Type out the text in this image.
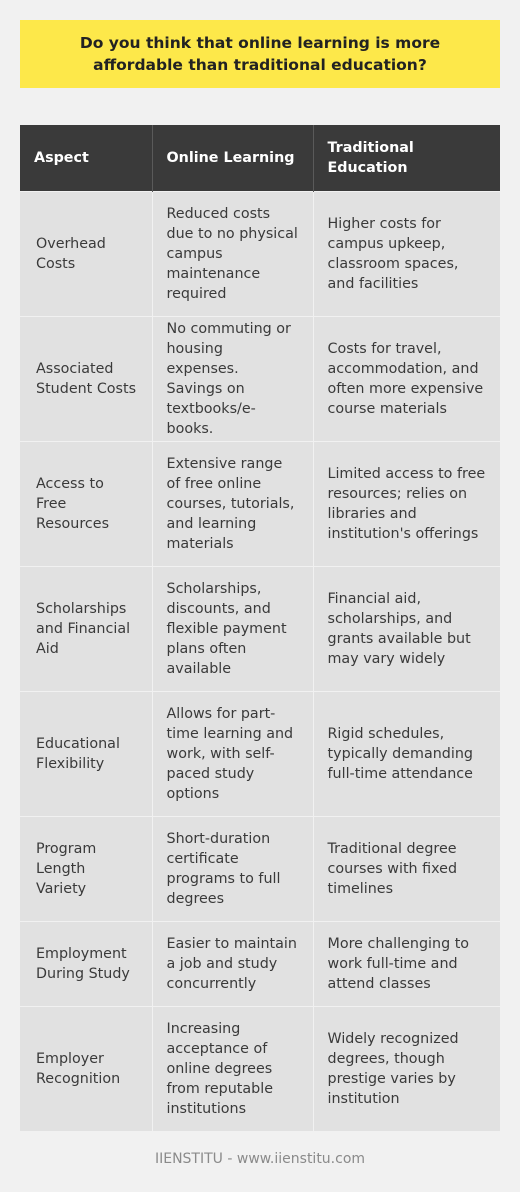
Do you think that online learning is more affordable than traditional education?
Aspect	Online Learning	Traditional Education
Overhead Costs	Reduced costs due to no physical campus maintenance required	Higher costs for campus upkeep, classroom spaces, and facilities
Associated Student Costs	No commuting or housing expenses. Savings on textbooks/e-books.	Costs for travel, accommodation, and often more expensive course materials
Access to Free Resources	Extensive range of free online courses, tutorials, and learning materials	Limited access to free resources; relies on libraries and institution's offerings
Scholarships and Financial Aid	Scholarships, discounts, and flexible payment plans often available	Financial aid, scholarships, and grants available but may vary widely
Educational Flexibility	Allows for part-time learning and work, with self-paced study options	Rigid schedules, typically demanding full-time attendance
Program Length Variety	Short-duration certificate programs to full degrees	Traditional degree courses with fixed timelines
Employment During Study	Easier to maintain a job and study concurrently	More challenging to work full-time and attend classes
Employer Recognition	Increasing acceptance of online degrees from reputable institutions	Widely recognized degrees, though prestige varies by institution
IIENSTITU - www.iienstitu.com
